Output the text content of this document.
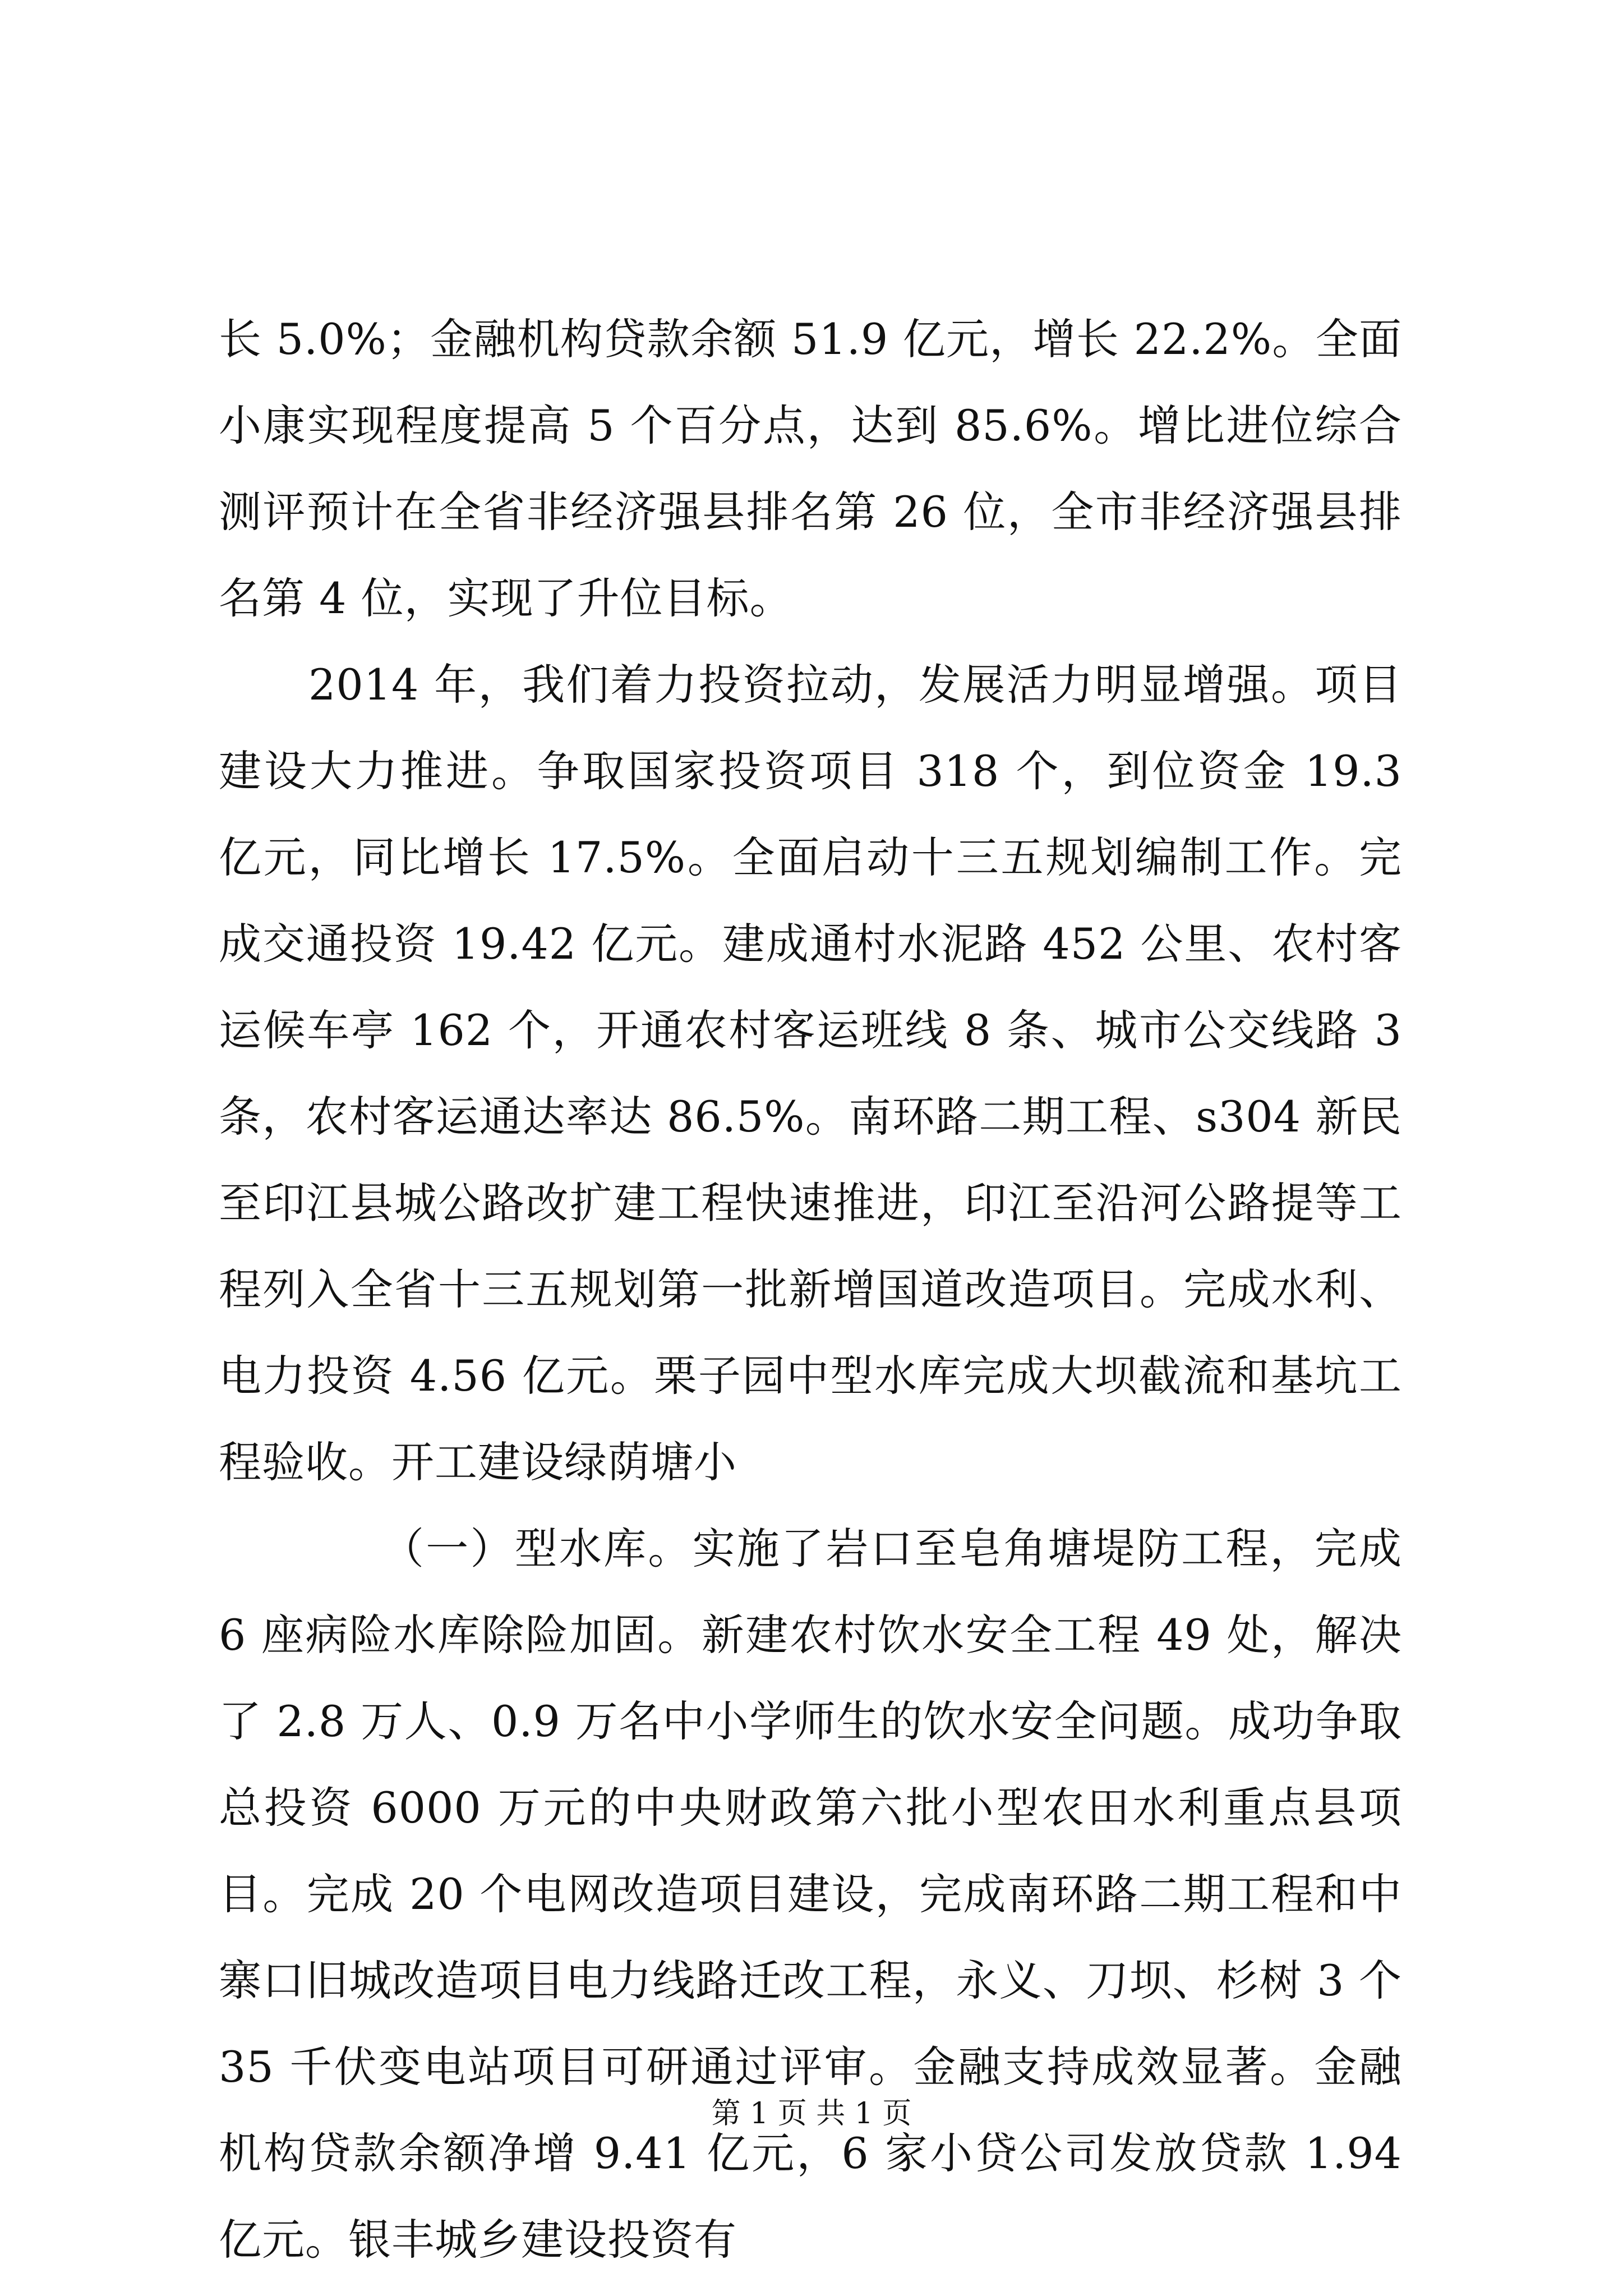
长 5.0%；金融机构贷款余额 51.9 亿元，增长 22.2%。全面小康实现程度提高 5 个百分点，达到 85.6%。增比进位综合测评预计在全省非经济强县排名第 26 位，全市非经济强县排名第 4 位，实现了升位目标。

2014 年，我们着力投资拉动，发展活力明显增强。项目建设大力推进。争取国家投资项目 318 个，到位资金 19.3 亿元，同比增长 17.5%。全面启动十三五规划编制工作。完成交通投资 19.42 亿元。建成通村水泥路 452 公里、农村客运候车亭 162 个，开通农村客运班线 8 条、城市公交线路 3 条，农村客运通达率达 86.5%。南环路二期工程、s304 新民至印江县城公路改扩建工程快速推进，印江至沿河公路提等工程列入全省十三五规划第一批新增国道改造项目。完成水利、电力投资 4.56 亿元。栗子园中型水库完成大坝截流和基坑工程验收。开工建设绿荫塘小

（一）型水库。实施了岩口至皂角塘堤防工程，完成 6 座病险水库除险加固。新建农村饮水安全工程 49 处，解决了 2.8 万人、0.9 万名中小学师生的饮水安全问题。成功争取总投资 6000 万元的中央财政第六批小型农田水利重点县项目。完成 20 个电网改造项目建设，完成南环路二期工程和中寨口旧城改造项目电力线路迁改工程，永义、刀坝、杉树 3 个 35 千伏变电站项目可研通过评审。金融支持成效显著。金融机构贷款余额净增 9.41 亿元，6 家小贷公司发放贷款 1.94 亿元。银丰城乡建设投资有

第 1 页 共 1 页
